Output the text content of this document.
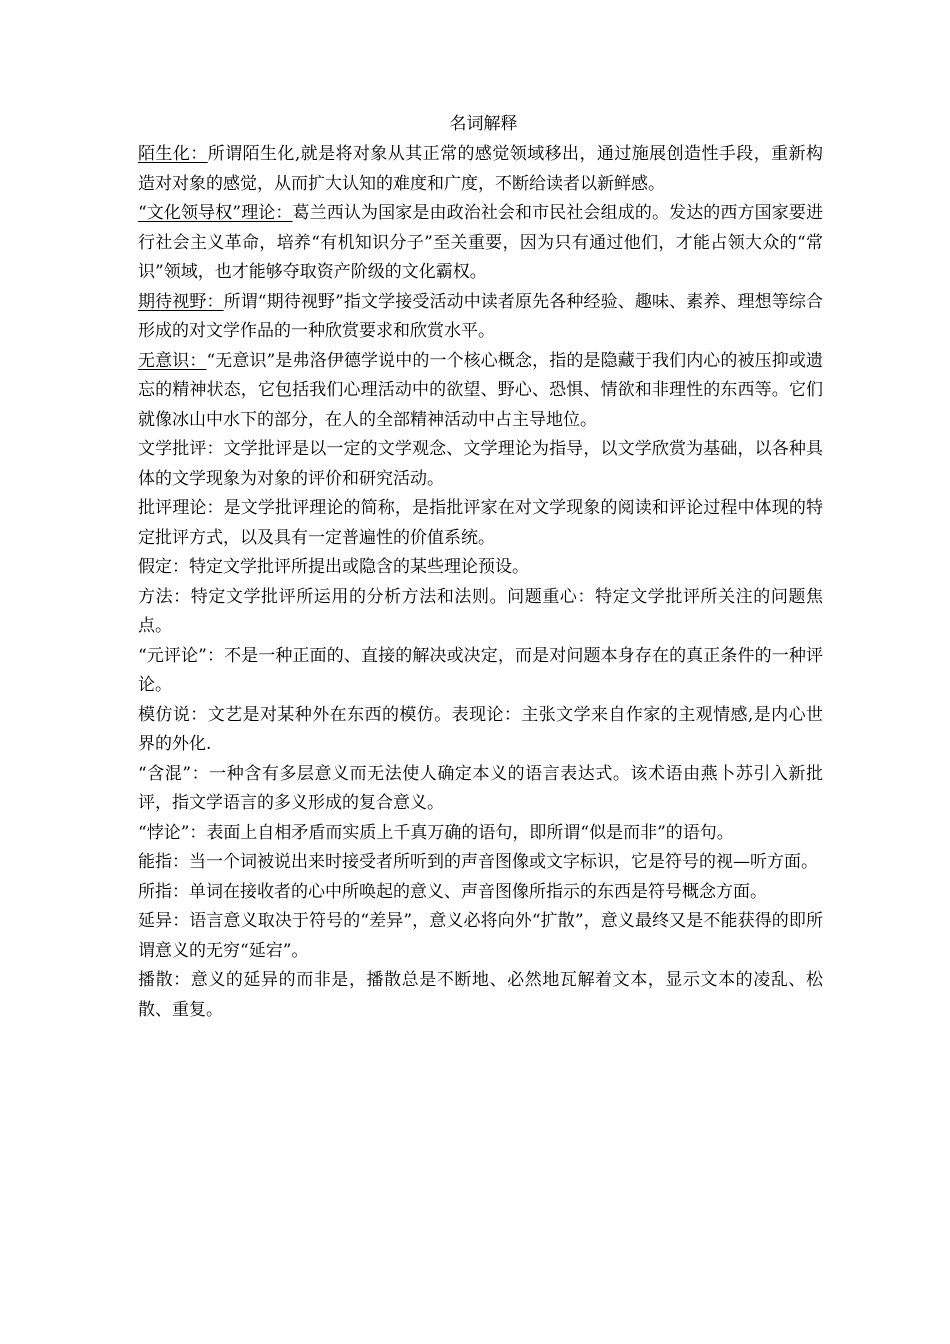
名词解释

陌生化：所谓陌生化,就是将对象从其正常的感觉领域移出，通过施展创造性手段，重新构造对对象的感觉，从而扩大认知的难度和广度，不断给读者以新鲜感。

“文化领导权”理论：葛兰西认为国家是由政治社会和市民社会组成的。发达的西方国家要进行社会主义革命，培养“有机知识分子”至关重要，因为只有通过他们，才能占领大众的“常识”领域，也才能够夺取资产阶级的文化霸权。

期待视野：所谓“期待视野”指文学接受活动中读者原先各种经验、趣味、素养、理想等综合形成的对文学作品的一种欣赏要求和欣赏水平。

无意识：“无意识”是弗洛伊德学说中的一个核心概念，指的是隐藏于我们内心的被压抑或遗忘的精神状态，它包括我们心理活动中的欲望、野心、恐惧、情欲和非理性的东西等。它们就像冰山中水下的部分，在人的全部精神活动中占主导地位。

文学批评：文学批评是以一定的文学观念、文学理论为指导，以文学欣赏为基础，以各种具体的文学现象为对象的评价和研究活动。

批评理论：是文学批评理论的简称，是指批评家在对文学现象的阅读和评论过程中体现的特定批评方式，以及具有一定普遍性的价值系统。

假定：特定文学批评所提出或隐含的某些理论预设。

方法：特定文学批评所运用的分析方法和法则。问题重心：特定文学批评所关注的问题焦点。

“元评论”：不是一种正面的、直接的解决或决定，而是对问题本身存在的真正条件的一种评论。

模仿说：文艺是对某种外在东西的模仿。表现论：主张文学来自作家的主观情感,是内心世界的外化.

“含混”：一种含有多层意义而无法使人确定本义的语言表达式。该术语由燕卜苏引入新批评，指文学语言的多义形成的复合意义。

“悖论”：表面上自相矛盾而实质上千真万确的语句，即所谓“似是而非”的语句。

能指：当一个词被说出来时接受者所听到的声音图像或文字标识，它是符号的视—听方面。

所指：单词在接收者的心中所唤起的意义、声音图像所指示的东西是符号概念方面。

延异：语言意义取决于符号的“差异”，意义必将向外“扩散”，意义最终又是不能获得的即所谓意义的无穷“延宕”。

播散：意义的延异的而非是，播散总是不断地、必然地瓦解着文本，显示文本的凌乱、松散、重复。
